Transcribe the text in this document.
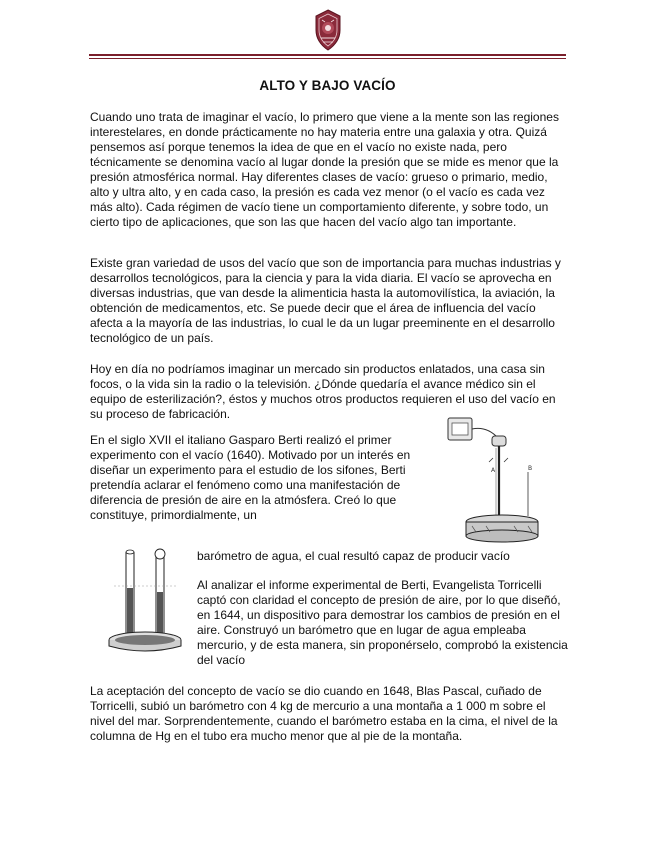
ALTO Y BAJO VACÍO

Cuando uno trata de imaginar el vacío, lo primero que viene a la mente son las regiones interestelares, en donde prácticamente no hay materia entre una galaxia y otra. Quizá pensemos así porque tenemos la idea de que en el vacío no existe nada, pero técnicamente se denomina vacío al lugar donde la presión que se mide es menor que la presión atmosférica normal. Hay diferentes clases de vacío: grueso o primario, medio, alto y ultra alto, y en cada caso, la presión es cada vez menor (o el vacío es cada vez más alto). Cada régimen de vacío tiene un comportamiento diferente, y sobre todo, un cierto tipo de aplicaciones, que son las que hacen del vacío algo tan importante.

Existe gran variedad de usos del vacío que son de importancia para muchas industrias y desarrollos tecnológicos, para la ciencia y para la vida diaria. El vacío se aprovecha en diversas industrias, que van desde la alimenticia hasta la automovilística, la aviación, la obtención de medicamentos, etc. Se puede decir que el área de influencia del vacío afecta a la mayoría de las industrias, lo cual le da un lugar preeminente en el desarrollo tecnológico de un país.

Hoy en día no podríamos imaginar un mercado sin productos enlatados, una casa sin focos, o la vida sin la radio o la televisión. ¿Dónde quedaría el avance médico sin el equipo de esterilización?, éstos y muchos otros productos requieren el uso del vacío en su proceso de fabricación.

En el siglo XVII el italiano Gasparo Berti realizó el primer experimento con el vacío (1640). Motivado por un interés en diseñar un experimento para el estudio de los sifones, Berti pretendía aclarar el fenómeno como una manifestación de diferencia de presión de aire en la atmósfera. Creó lo que constituye, primordialmente, un

A	B

barómetro de agua, el cual resultó capaz de producir vacío

Al analizar el informe experimental de Berti, Evangelista Torricelli captó con claridad el concepto de presión de aire, por lo que diseñó, en 1644, un dispositivo para demostrar los cambios de presión en el aire. Construyó un barómetro que en lugar de agua empleaba mercurio, y de esta manera, sin proponérselo, comprobó la existencia del vacío

La aceptación del concepto de vacío se dio cuando en 1648, Blas Pascal, cuñado de Torricelli, subió un barómetro con 4 kg de mercurio a una montaña a 1 000 m sobre el nivel del mar. Sorprendentemente, cuando el barómetro estaba en la cima, el nivel de la columna de Hg en el tubo era mucho menor que al pie de la montaña.
